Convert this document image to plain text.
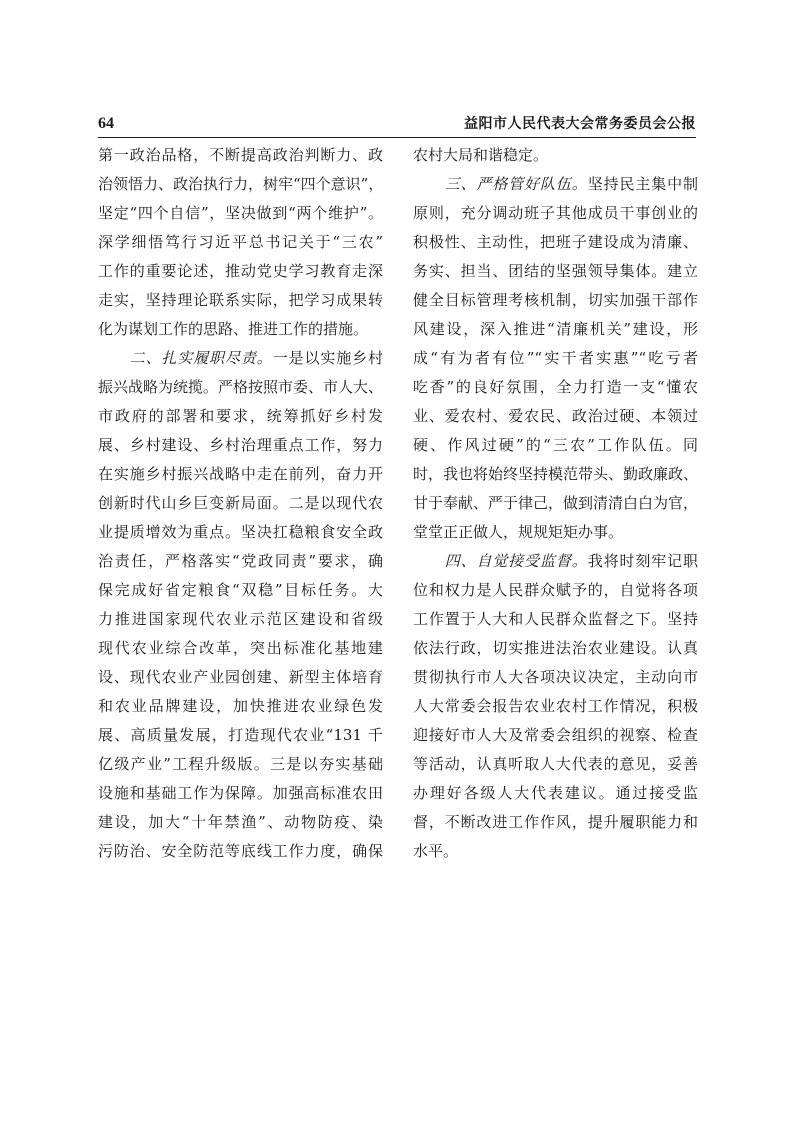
64	益阳市人民代表大会常务委员会公报
第一政治品格，不断提高政治判断力、政
治领悟力、政治执行力，树牢“四个意识”，
坚定“四个自信”，坚决做到“两个维护”。
深学细悟笃行习近平总书记关于“三农”
工作的重要论述，推动党史学习教育走深
走实，坚持理论联系实际，把学习成果转
化为谋划工作的思路、推进工作的措施。
　　二、扎实履职尽责。一是以实施乡村
振兴战略为统揽。严格按照市委、市人大、
市政府的部署和要求，统筹抓好乡村发
展、乡村建设、乡村治理重点工作，努力
在实施乡村振兴战略中走在前列，奋力开
创新时代山乡巨变新局面。二是以现代农
业提质增效为重点。坚决扛稳粮食安全政
治责任，严格落实“党政同责”要求，确
保完成好省定粮食“双稳”目标任务。大
力推进国家现代农业示范区建设和省级
现代农业综合改革，突出标准化基地建
设、现代农业产业园创建、新型主体培育
和农业品牌建设，加快推进农业绿色发
展、高质量发展，打造现代农业“131 千
亿级产业”工程升级版。三是以夯实基础
设施和基础工作为保障。加强高标准农田
建设，加大“十年禁渔”、动物防疫、染
污防治、安全防范等底线工作力度，确保
农村大局和谐稳定。
　　三、严格管好队伍。坚持民主集中制
原则，充分调动班子其他成员干事创业的
积极性、主动性，把班子建设成为清廉、
务实、担当、团结的坚强领导集体。建立
健全目标管理考核机制，切实加强干部作
风建设，深入推进“清廉机关”建设，形
成“有为者有位”“实干者实惠”“吃亏者
吃香”的良好氛围，全力打造一支“懂农
业、爱农村、爱农民、政治过硬、本领过
硬、作风过硬”的“三农”工作队伍。同
时，我也将始终坚持模范带头、勤政廉政、
甘于奉献、严于律己，做到清清白白为官，
堂堂正正做人，规规矩矩办事。
　　四、自觉接受监督。我将时刻牢记职
位和权力是人民群众赋予的，自觉将各项
工作置于人大和人民群众监督之下。坚持
依法行政，切实推进法治农业建设。认真
贯彻执行市人大各项决议决定，主动向市
人大常委会报告农业农村工作情况，积极
迎接好市人大及常委会组织的视察、检查
等活动，认真听取人大代表的意见，妥善
办理好各级人大代表建议。通过接受监
督，不断改进工作作风，提升履职能力和
水平。
